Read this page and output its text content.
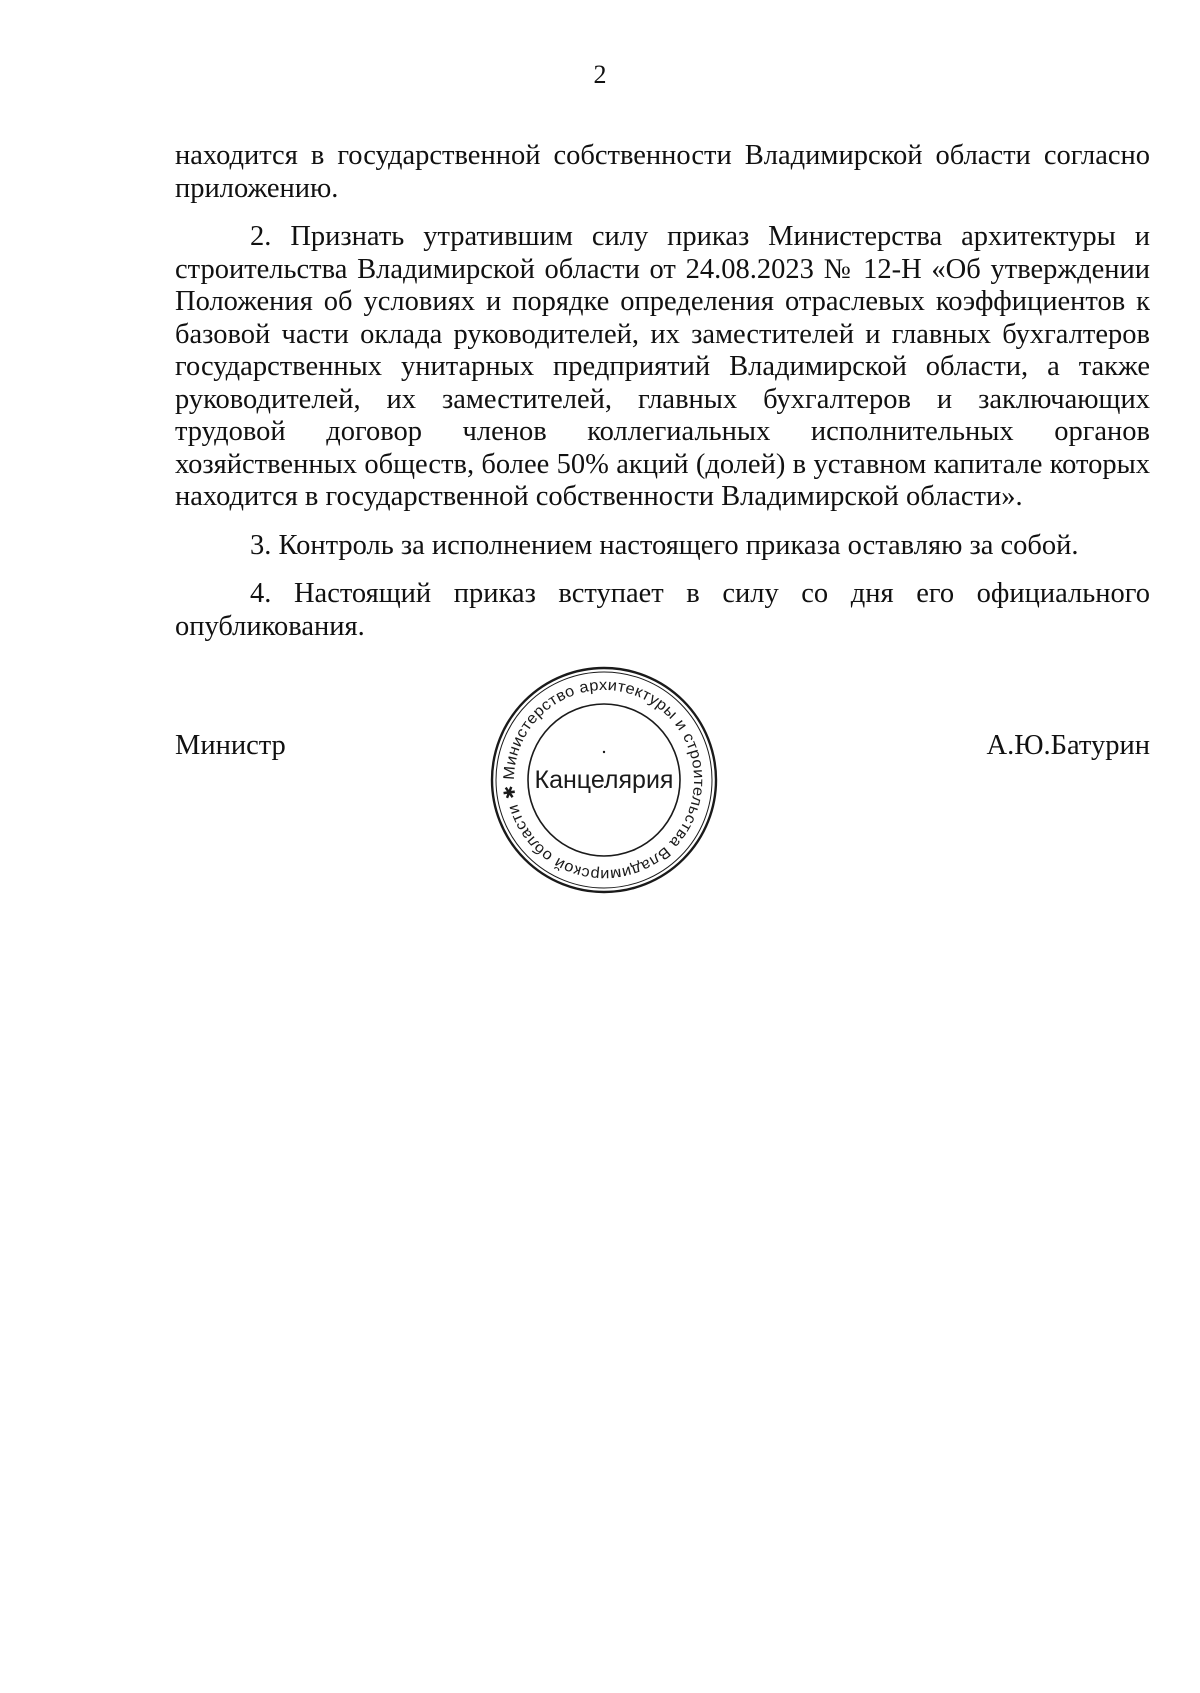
2

находится в государственной собственности Владимирской области согласно приложению.

2. Признать утратившим силу приказ Министерства архитектуры и строительства Владимирской области от 24.08.2023 № 12-Н «Об утверждении Положения об условиях и порядке определения отраслевых коэффициентов к базовой части оклада руководителей, их заместителей и главных бухгалтеров государственных унитарных предприятий Владимирской области, а также руководителей, их заместителей, главных бухгалтеров и заключающих трудовой договор членов коллегиальных исполнительных органов хозяйственных обществ, более 50% акций (долей) в уставном капитале которых находится в государственной собственности Владимирской области».

3. Контроль за исполнением настоящего приказа оставляю за собой.

4. Настоящий приказ вступает в силу со дня его официального опубликования.

Министр	А.Ю.Батурин
Министерство архитектуры и строительства Владимирской области ✱ Канцелярия
